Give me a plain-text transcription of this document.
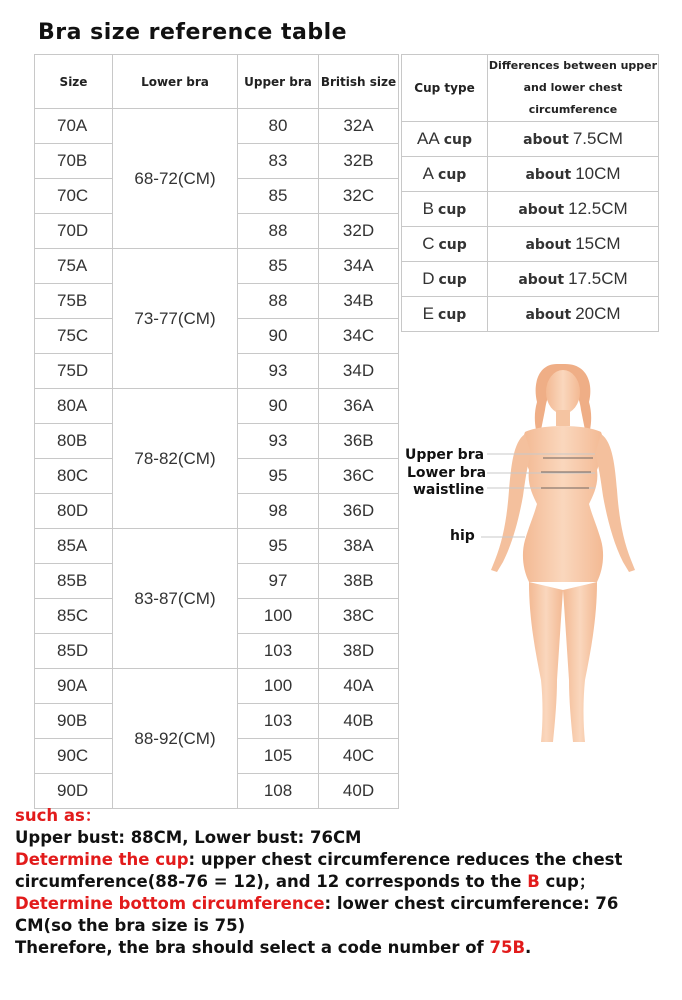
Bra size reference table
Size	Lower bra	Upper bra	British size
70A	68-72(CM)	80	32A
70B		83	32B
70C		85	32C
70D		88	32D
75A	73-77(CM)	85	34A
75B		88	34B
75C		90	34C
75D		93	34D
80A	78-82(CM)	90	36A
80B		93	36B
80C		95	36C
80D		98	36D
85A	83-87(CM)	95	38A
85B		97	38B
85C		100	38C
85D		103	38D
90A	88-92(CM)	100	40A
90B		103	40B
90C		105	40C
90D		108	40D
Cup type	Differences between upper
and lower chest circumference

AA cup	about 7.5CM
A cup	about 10CM
B cup	about 12.5CM
C cup	about 15CM
D cup	about 17.5CM
E cup	about 20CM
Upper bra
Lower bra
waistline
hip

such as：

Upper bust: 88CM, Lower bust: 76CM

Determine the cup: upper chest circumference reduces the chest circumference(88-76 = 12), and 12 corresponds to the B cup；

Determine bottom circumference: lower chest circumference: 76 CM(so the bra size is 75)

Therefore, the bra should select a code number of 75B.
